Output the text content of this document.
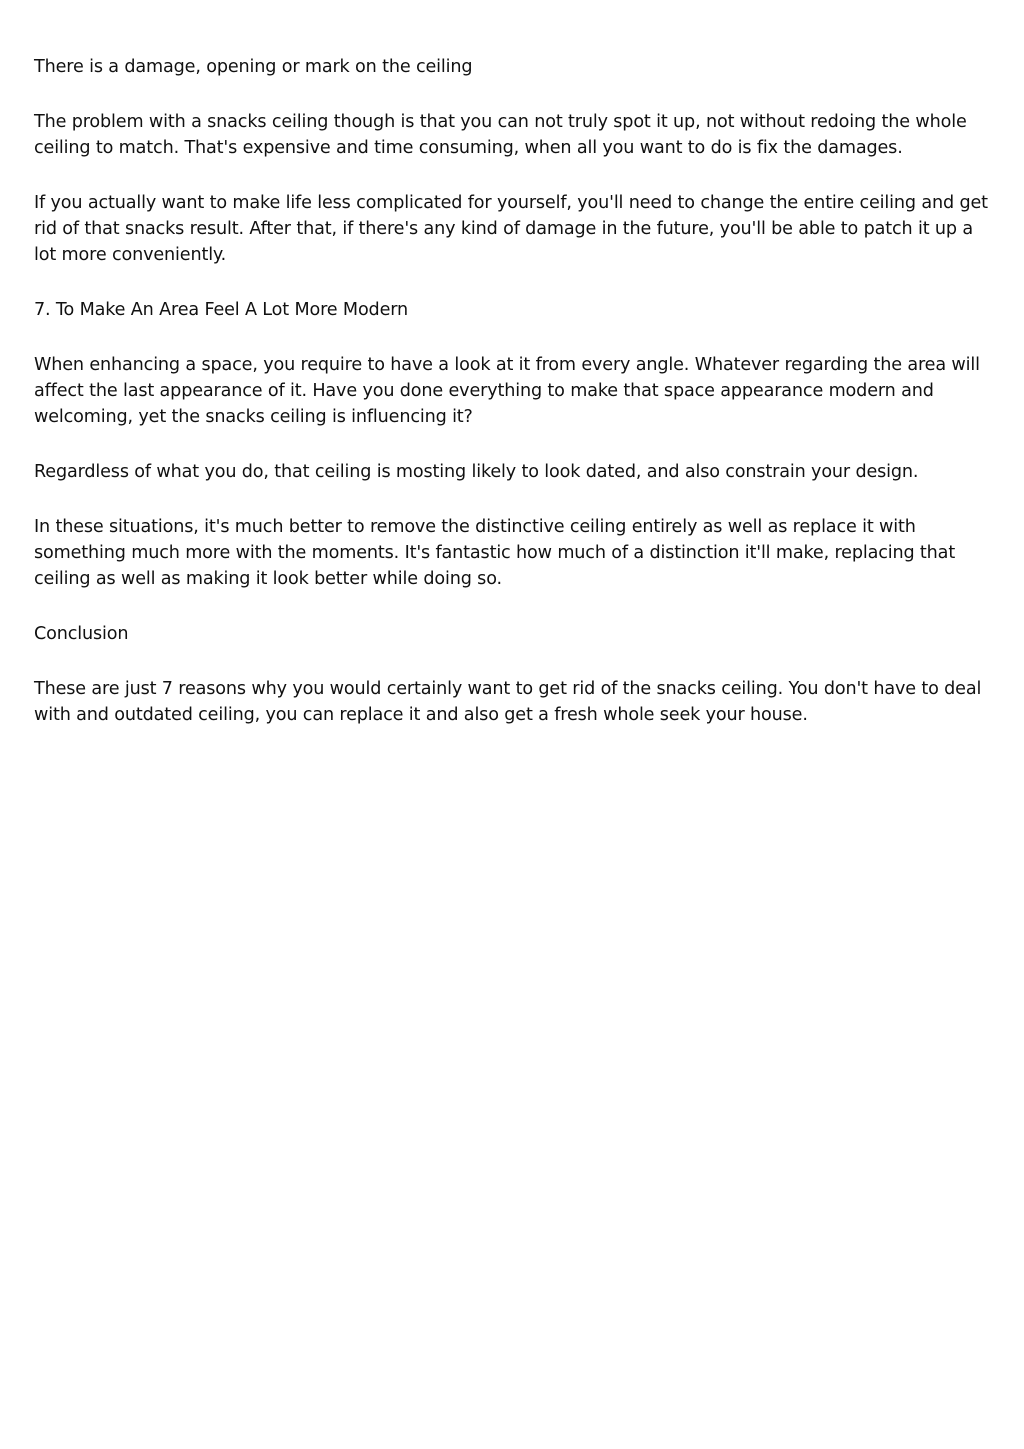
There is a damage, opening or mark on the ceiling

The problem with a snacks ceiling though is that you can not truly spot it up, not without redoing the whole ceiling to match. That's expensive and time consuming, when all you want to do is fix the damages.

If you actually want to make life less complicated for yourself, you'll need to change the entire ceiling and get rid of that snacks result. After that, if there's any kind of damage in the future, you'll be able to patch it up a lot more conveniently.

7. To Make An Area Feel A Lot More Modern

When enhancing a space, you require to have a look at it from every angle. Whatever regarding the area will affect the last appearance of it. Have you done everything to make that space appearance modern and welcoming, yet the snacks ceiling is influencing it?

Regardless of what you do, that ceiling is mosting likely to look dated, and also constrain your design.

In these situations, it's much better to remove the distinctive ceiling entirely as well as replace it with something much more with the moments. It's fantastic how much of a distinction it'll make, replacing that ceiling as well as making it look better while doing so.

Conclusion

These are just 7 reasons why you would certainly want to get rid of the snacks ceiling. You don't have to deal with and outdated ceiling, you can replace it and also get a fresh whole seek your house.
